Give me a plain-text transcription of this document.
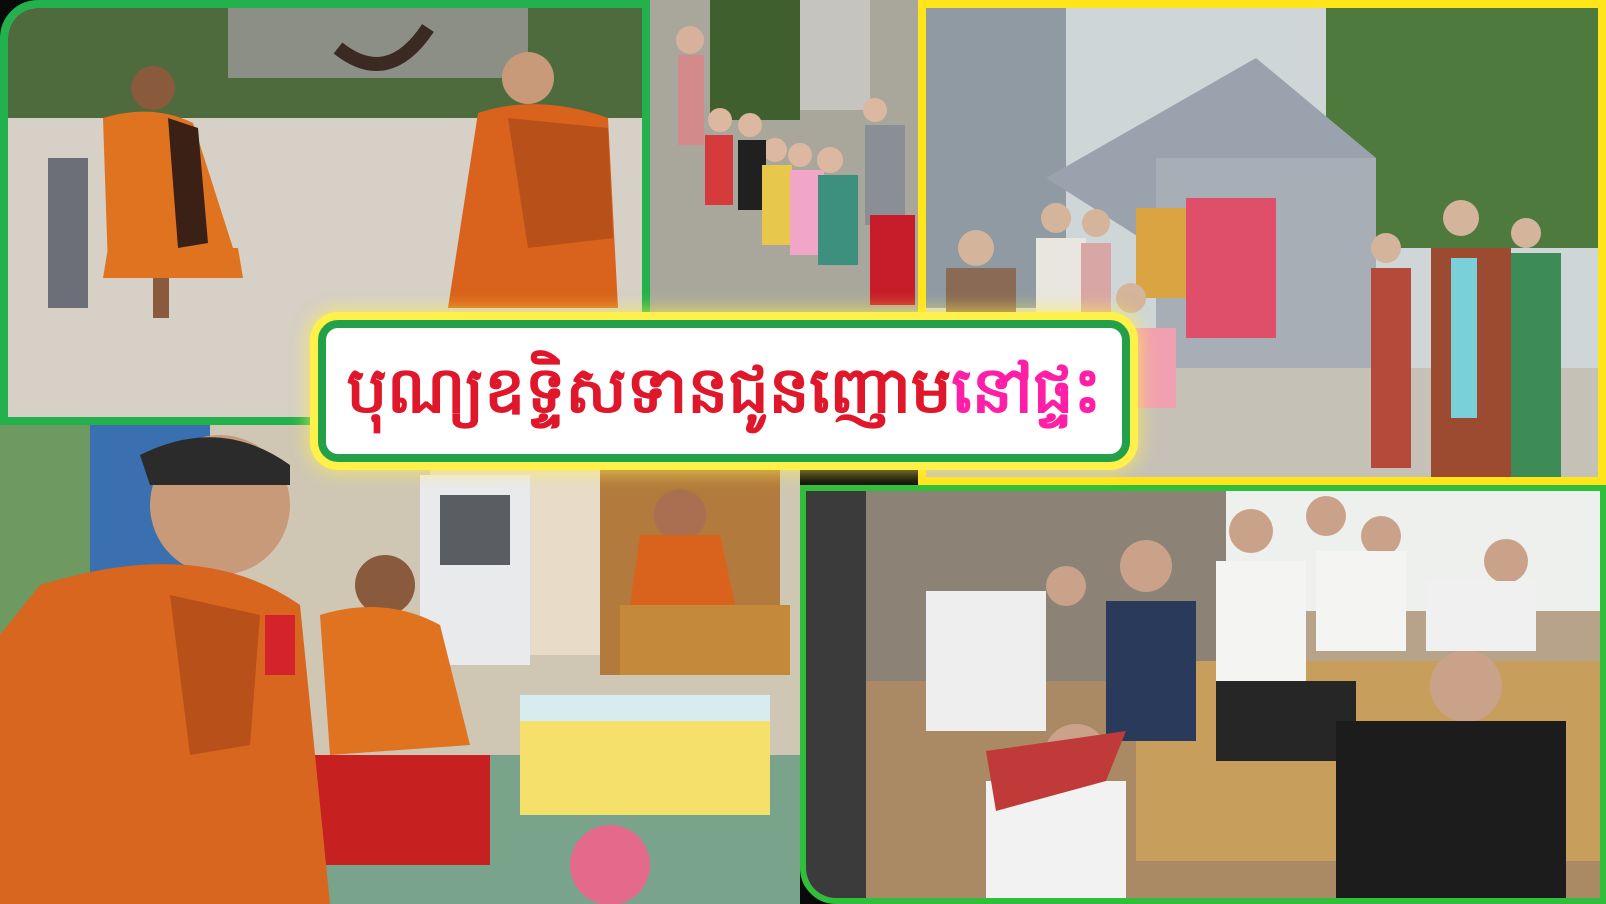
បុណ្យឧទ្ទិសទានជូនញោមនៅផ្ទះ
